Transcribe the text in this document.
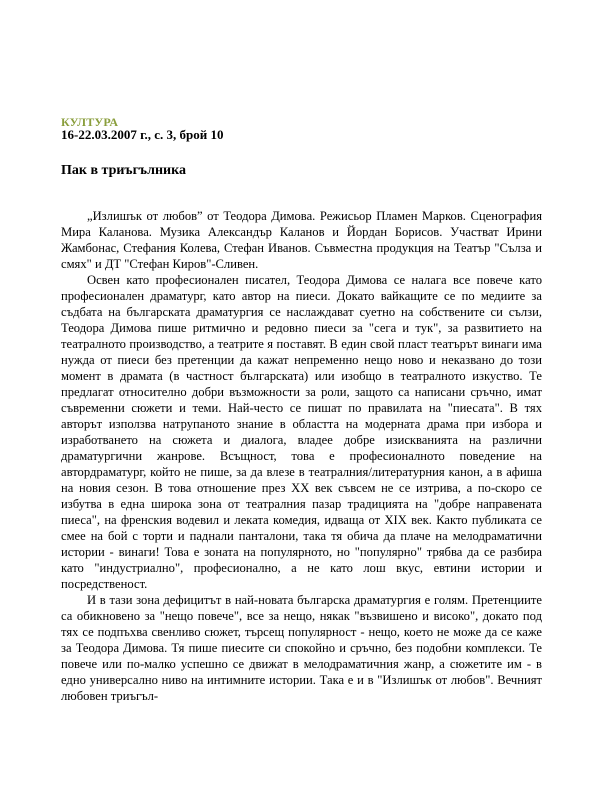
КУЛТУРА
16-22.03.2007 г., с. 3, брой 10
Пак в триъгълника

„Излишък от любов” от Теодора Димова. Режисьор Пламен Марков. Сценография Мира Каланова. Музика Александър Каланов и Йордан Борисов. Участват Ирини Жамбонас, Стефания Колева, Стефан Иванов. Съвместна продукция на Театър "Сълза и смях" и ДТ "Стефан Киров"-Сливен.

Освен като професионален писател, Теодора Димова се налага все повече като професионален драматург, като автор на пиеси. Докато вайкащите се по медиите за съдбата на българската драматургия се наслаждават суетно на собствените си сълзи, Теодора Димова пише ритмично и редовно пиеси за "сега и тук", за развитието на театралното производство, а театрите я поставят. В един свой пласт театърът винаги има нужда от пиеси без претенции да кажат непременно нещо ново и неказвано до този момент в драмата (в частност българската) или изобщо в театралното изкуство. Те предлагат относително добри възможности за роли, защото са написани сръчно, имат съвременни сюжети и теми. Най-често се пишат по правилата на "пиесата". В тях авторът използва натрупаното знание в областта на модерната драма при избора и изработването на сюжета и диалога, владее добре изискванията на различни драматургични жанрове. Всъщност, това е професионалното поведение на автордраматург, който не пише, за да влезе в театралния/литературния канон, а в афиша на новия сезон. В това отношение през XX век съвсем не се изтрива, а по-скоро се избутва в една широка зона от театралния пазар традицията на "добре направената пиеса", на френския водевил и леката комедия, идваща от XIX век. Както публиката се смее на бой с торти и паднали панталони, така тя обича да плаче на мелодраматични истории - винаги! Това е зоната на популярното, но "популярно" трябва да се разбира като "индустриално", професионално, а не като лош вкус, евтини истории и посредственост.

И в тази зона дефицитът в най-новата българска драматургия е голям. Претенциите са обикновено за "нещо повече", все за нещо, някак "възвишено и високо", докато под тях се подпъхва свенливо сюжет, търсещ популярност - нещо, което не може да се каже за Теодора Димова. Тя пише пиесите си спокойно и сръчно, без подобни комплекси. Те повече или по-малко успешно се движат в мелодраматичния жанр, а сюжетите им - в едно универсално ниво на интимните истории. Така е и в "Излишък от любов". Вечният любовен триъгъл-
